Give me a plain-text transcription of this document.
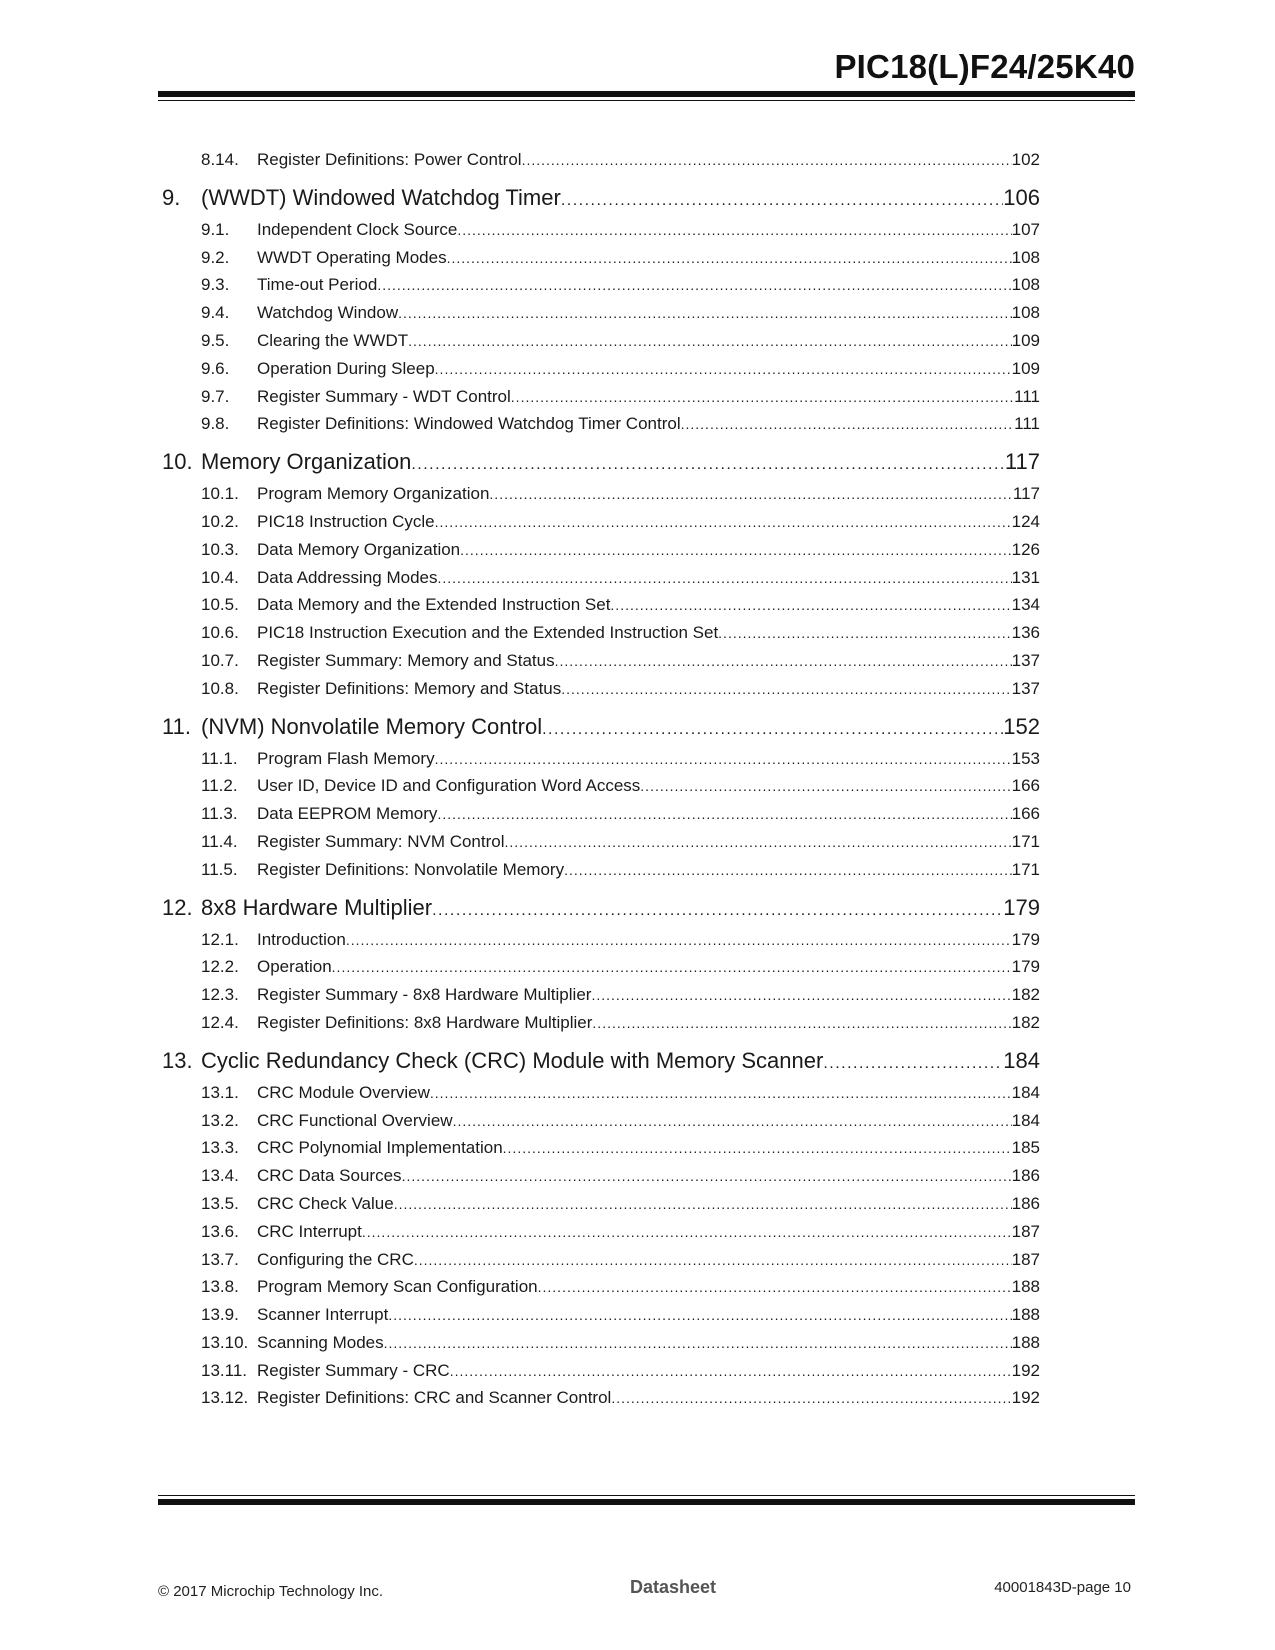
PIC18(L)F24/25K40
8.14.	Register Definitions: Power Control .....	102
9. (WWDT) Windowed Watchdog Timer .....	106
9.1.	Independent Clock Source .....	107
9.2.	WWDT Operating Modes .....	108
9.3.	Time-out Period .....	108
9.4.	Watchdog Window .....	108
9.5.	Clearing the WWDT .....	109
9.6.	Operation During Sleep .....	109
9.7.	Register Summary - WDT Control .....	111
9.8.	Register Definitions: Windowed Watchdog Timer Control .....	111
10. Memory Organization .....	117
10.1.	Program Memory Organization .....	117
10.2.	PIC18 Instruction Cycle .....	124
10.3.	Data Memory Organization .....	126
10.4.	Data Addressing Modes .....	131
10.5.	Data Memory and the Extended Instruction Set .....	134
10.6.	PIC18 Instruction Execution and the Extended Instruction Set .....	136
10.7.	Register Summary: Memory and Status .....	137
10.8.	Register Definitions: Memory and Status .....	137
11. (NVM) Nonvolatile Memory Control .....	152
11.1.	Program Flash Memory .....	153
11.2.	User ID, Device ID and Configuration Word Access .....	166
11.3.	Data EEPROM Memory .....	166
11.4.	Register Summary: NVM Control .....	171
11.5.	Register Definitions: Nonvolatile Memory .....	171
12. 8x8 Hardware Multiplier .....	179
12.1.	Introduction .....	179
12.2.	Operation .....	179
12.3.	Register Summary - 8x8 Hardware Multiplier .....	182
12.4.	Register Definitions: 8x8 Hardware Multiplier .....	182
13. Cyclic Redundancy Check (CRC) Module with Memory Scanner .....	184
13.1.	CRC Module Overview .....	184
13.2.	CRC Functional Overview .....	184
13.3.	CRC Polynomial Implementation .....	185
13.4.	CRC Data Sources .....	186
13.5.	CRC Check Value .....	186
13.6.	CRC Interrupt .....	187
13.7.	Configuring the CRC .....	187
13.8.	Program Memory Scan Configuration .....	188
13.9.	Scanner Interrupt .....	188
13.10. Scanning Modes .....	188
13.11. Register Summary - CRC .....	192
13.12. Register Definitions: CRC and Scanner Control .....	192
© 2017 Microchip Technology Inc.	Datasheet	40001843D-page 10
